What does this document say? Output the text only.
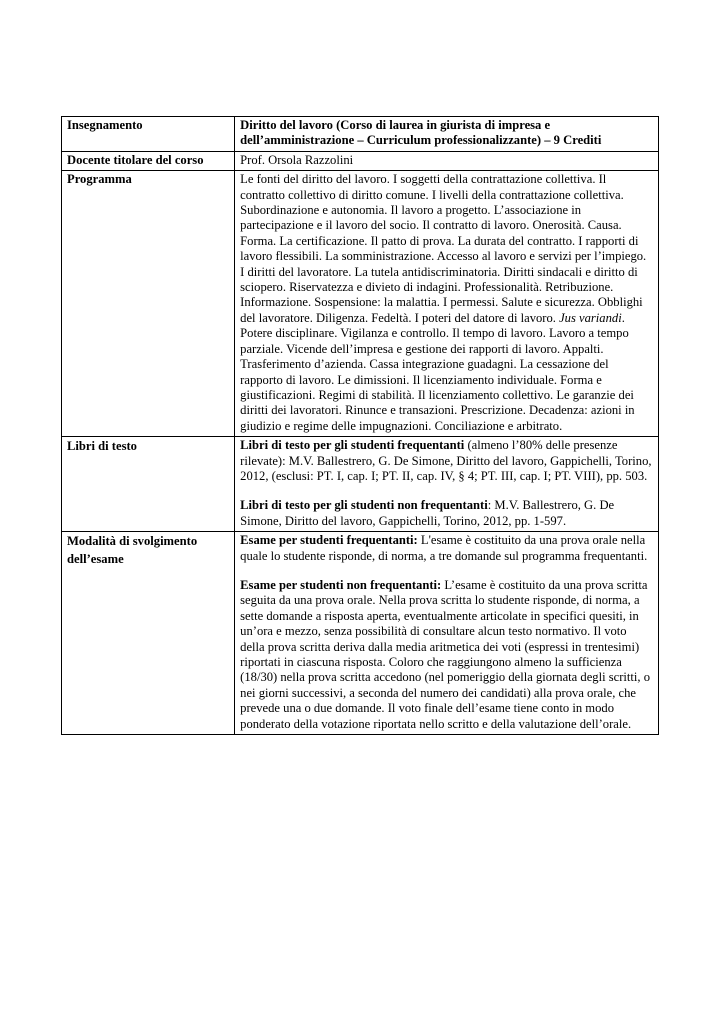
Insegnamento	Diritto del lavoro (Corso di laurea in giurista di impresa e dell’amministrazione – Curriculum professionalizzante) – 9 Crediti
Docente titolare del corso	Prof. Orsola Razzolini
Programma	Le fonti del diritto del lavoro. I soggetti della contrattazione collettiva. Il contratto collettivo di diritto comune. I livelli della contrattazione collettiva. Subordinazione e autonomia. Il lavoro a progetto. L’associazione in partecipazione e il lavoro del socio. Il contratto di lavoro. Onerosità. Causa. Forma. La certificazione. Il patto di prova. La durata del contratto. I rapporti di lavoro flessibili. La somministrazione. Accesso al lavoro e servizi per l’impiego. I diritti del lavoratore. La tutela antidiscriminatoria. Diritti sindacali e diritto di sciopero. Riservatezza e divieto di indagini. Professionalità. Retribuzione. Informazione. Sospensione: la malattia. I permessi. Salute e sicurezza. Obblighi del lavoratore. Diligenza. Fedeltà. I poteri del datore di lavoro. Jus variandi. Potere disciplinare. Vigilanza e controllo. Il tempo di lavoro. Lavoro a tempo parziale. Vicende dell’impresa e gestione dei rapporti di lavoro. Appalti. Trasferimento d’azienda. Cassa integrazione guadagni. La cessazione del rapporto di lavoro. Le dimissioni. Il licenziamento individuale. Forma e giustificazioni. Regimi di stabilità. Il licenziamento collettivo. Le garanzie dei diritti dei lavoratori. Rinunce e transazioni. Prescrizione. Decadenza: azioni in giudizio e regime delle impugnazioni. Conciliazione e arbitrato.
Libri di testo	Libri di testo per gli studenti frequentanti (almeno l’80% delle presenze rilevate): M.V. Ballestrero, G. De Simone, Diritto del lavoro, Gappichelli, Torino, 2012, (esclusi: PT. I, cap. I; PT. II, cap. IV, § 4; PT. III, cap. I; PT. VIII), pp. 503.

Libri di testo per gli studenti non frequentanti: M.V. Ballestrero, G. De Simone, Diritto del lavoro, Gappichelli, Torino, 2012, pp. 1-597.

Modalità di svolgimento dell’esame	Esame per studenti frequentanti: L'esame è costituito da una prova orale nella quale lo studente risponde, di norma, a tre domande sul programma frequentanti.

Esame per studenti non frequentanti: L’esame è costituito da una prova scritta seguita da una prova orale. Nella prova scritta lo studente risponde, di norma, a sette domande a risposta aperta, eventualmente articolate in specifici quesiti, in un’ora e mezzo, senza possibilità di consultare alcun testo normativo. Il voto della prova scritta deriva dalla media aritmetica dei voti (espressi in trentesimi) riportati in ciascuna risposta. Coloro che raggiungono almeno la sufficienza (18/30) nella prova scritta accedono (nel pomeriggio della giornata degli scritti, o nei giorni successivi, a seconda del numero dei candidati) alla prova orale, che prevede una o due domande. Il voto finale dell’esame tiene conto in modo ponderato della votazione riportata nello scritto e della valutazione dell’orale.
